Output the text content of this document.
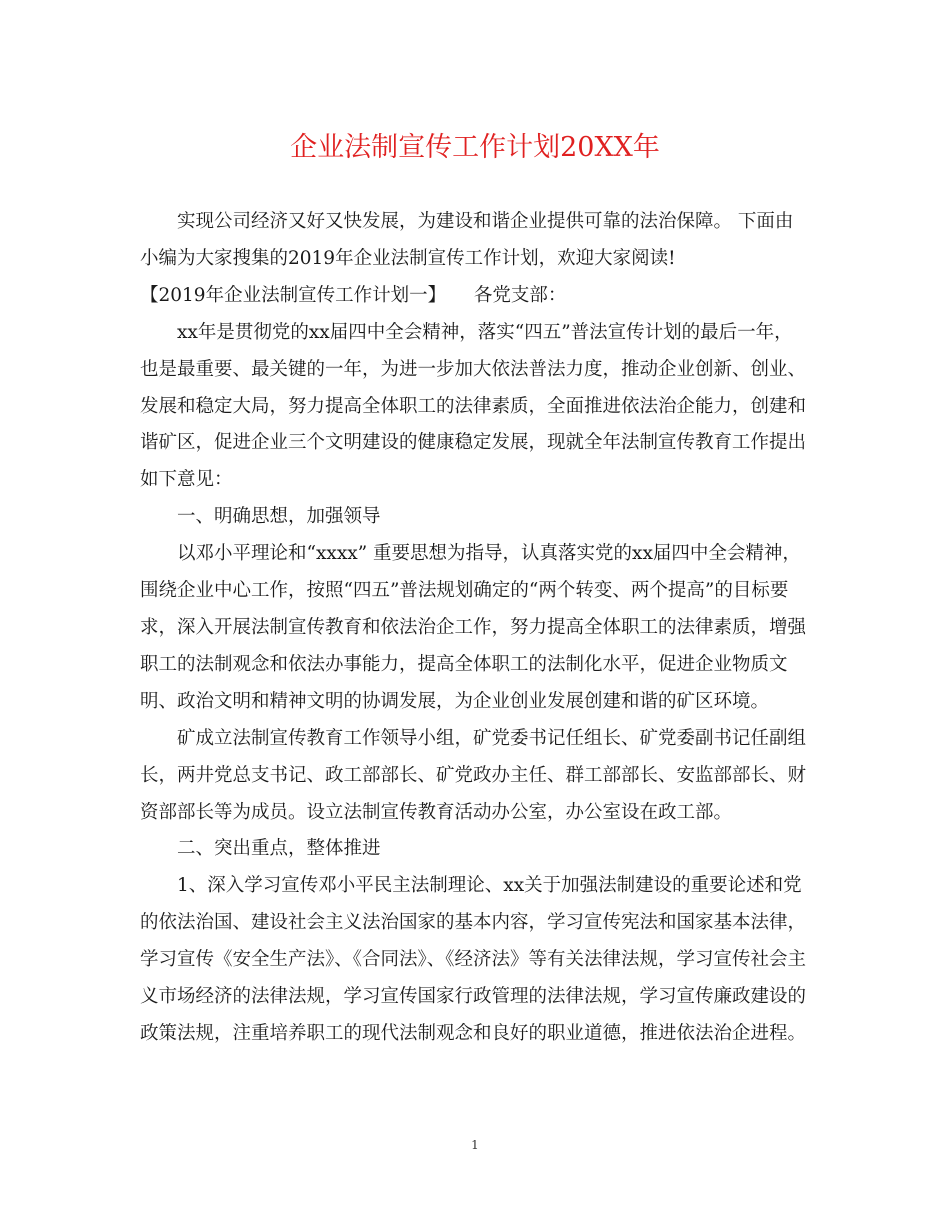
企业法制宣传工作计划20XX年

实现公司经济又好又快发展，为建设和谐企业提供可靠的法治保障。 下面由小编为大家搜集的2019年企业法制宣传工作计划，欢迎大家阅读!

【2019年企业法制宣传工作计划一】　　各党支部：

xx年是贯彻党的xx届四中全会精神，落实“四五”普法宣传计划的最后一年，也是最重要、最关键的一年，为进一步加大依法普法力度，推动企业创新、创业、发展和稳定大局，努力提高全体职工的法律素质，全面推进依法治企能力，创建和谐矿区，促进企业三个文明建设的健康稳定发展，现就全年法制宣传教育工作提出如下意见：

一、明确思想，加强领导

以邓小平理论和“xxxx” 重要思想为指导，认真落实党的xx届四中全会精神，围绕企业中心工作，按照“四五”普法规划确定的“两个转变、两个提高”的目标要求，深入开展法制宣传教育和依法治企工作，努力提高全体职工的法律素质，增强职工的法制观念和依法办事能力，提高全体职工的法制化水平，促进企业物质文明、政治文明和精神文明的协调发展，为企业创业发展创建和谐的矿区环境。

矿成立法制宣传教育工作领导小组，矿党委书记任组长、矿党委副书记任副组长，两井党总支书记、政工部部长、矿党政办主任、群工部部长、安监部部长、财资部部长等为成员。设立法制宣传教育活动办公室，办公室设在政工部。

二、突出重点，整体推进

1、深入学习宣传邓小平民主法制理论、xx关于加强法制建设的重要论述和党的依法治国、建设社会主义法治国家的基本内容，学习宣传宪法和国家基本法律，学习宣传《安全生产法》、《合同法》、《经济法》等有关法律法规，学习宣传社会主义市场经济的法律法规，学习宣传国家行政管理的法律法规，学习宣传廉政建设的政策法规，注重培养职工的现代法制观念和良好的职业道德，推进依法治企进程。

1
